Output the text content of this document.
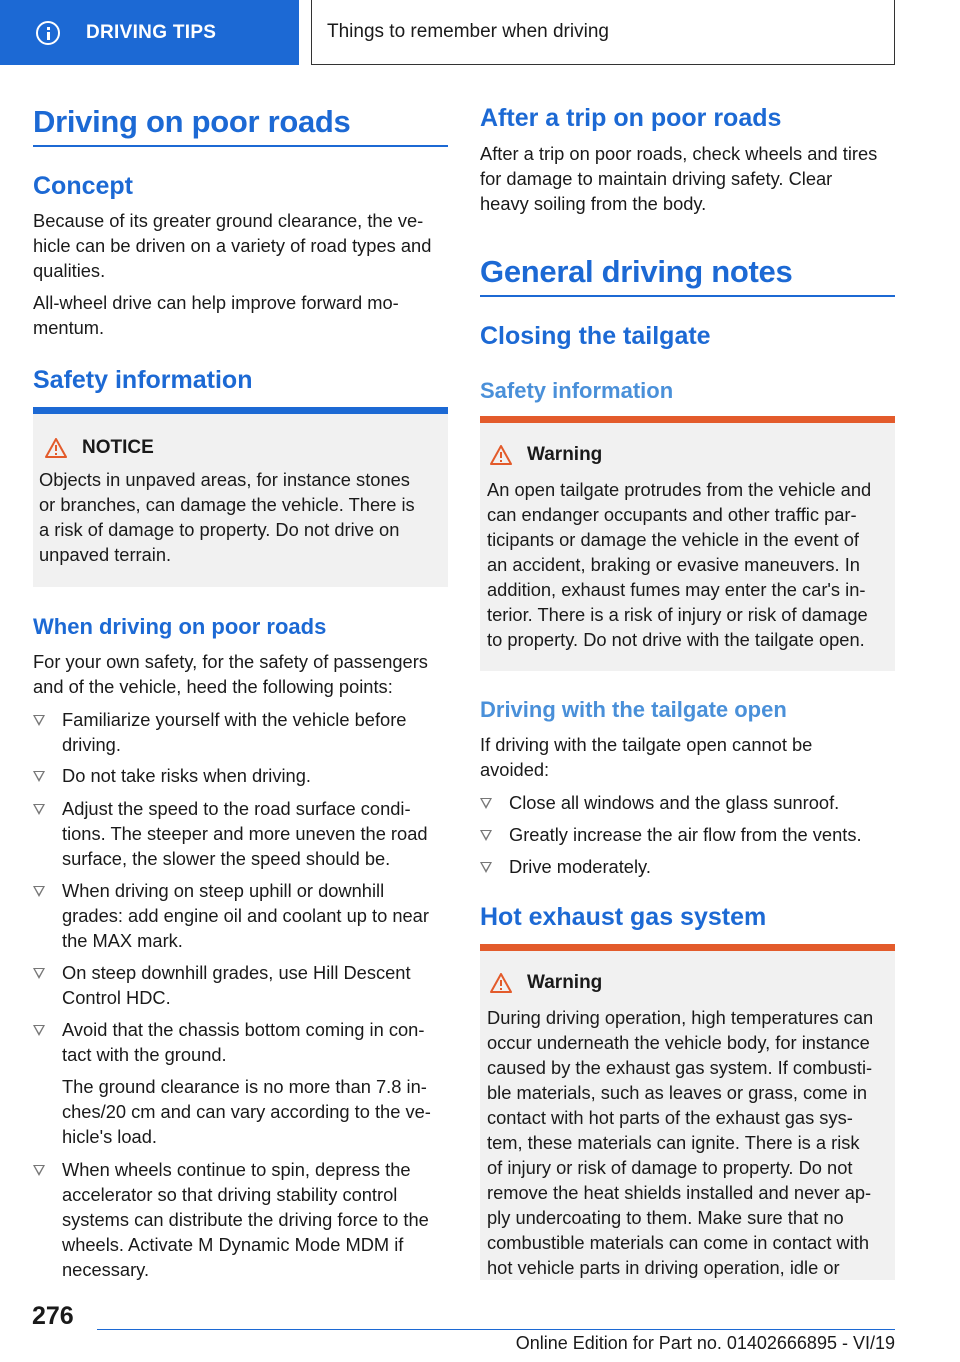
DRIVING TIPS	Things to remember when driving
Driving on poor roads
Concept
Because of its greater ground clearance, the ve-
hicle can be driven on a variety of road types and
qualities.
All-wheel drive can help improve forward mo-
mentum.
Safety information
NOTICE
Objects in unpaved areas, for instance stones
or branches, can damage the vehicle. There is
a risk of damage to property. Do not drive on
unpaved terrain.
When driving on poor roads
For your own safety, for the safety of passengers
and of the vehicle, heed the following points:
Familiarize yourself with the vehicle before
driving.
Do not take risks when driving.
Adjust the speed to the road surface condi-
tions. The steeper and more uneven the road
surface, the slower the speed should be.
When driving on steep uphill or downhill
grades: add engine oil and coolant up to near
the MAX mark.
On steep downhill grades, use Hill Descent
Control HDC.
Avoid that the chassis bottom coming in con-
tact with the ground.
The ground clearance is no more than 7.8 in-
ches/20 cm and can vary according to the ve-
hicle's load.
When wheels continue to spin, depress the
accelerator so that driving stability control
systems can distribute the driving force to the
wheels. Activate M Dynamic Mode MDM if
necessary.
After a trip on poor roads
After a trip on poor roads, check wheels and tires
for damage to maintain driving safety. Clear
heavy soiling from the body.
General driving notes
Closing the tailgate
Safety information
Warning
An open tailgate protrudes from the vehicle and
can endanger occupants and other traffic par-
ticipants or damage the vehicle in the event of
an accident, braking or evasive maneuvers. In
addition, exhaust fumes may enter the car's in-
terior. There is a risk of injury or risk of damage
to property. Do not drive with the tailgate open.
Driving with the tailgate open
If driving with the tailgate open cannot be
avoided:
Close all windows and the glass sunroof.
Greatly increase the air flow from the vents.
Drive moderately.
Hot exhaust gas system
Warning
During driving operation, high temperatures can
occur underneath the vehicle body, for instance
caused by the exhaust gas system. If combusti-
ble materials, such as leaves or grass, come in
contact with hot parts of the exhaust gas sys-
tem, these materials can ignite. There is a risk
of injury or risk of damage to property. Do not
remove the heat shields installed and never ap-
ply undercoating to them. Make sure that no
combustible materials can come in contact with
hot vehicle parts in driving operation, idle or
276
Online Edition for Part no. 01402666895 - VI/19
